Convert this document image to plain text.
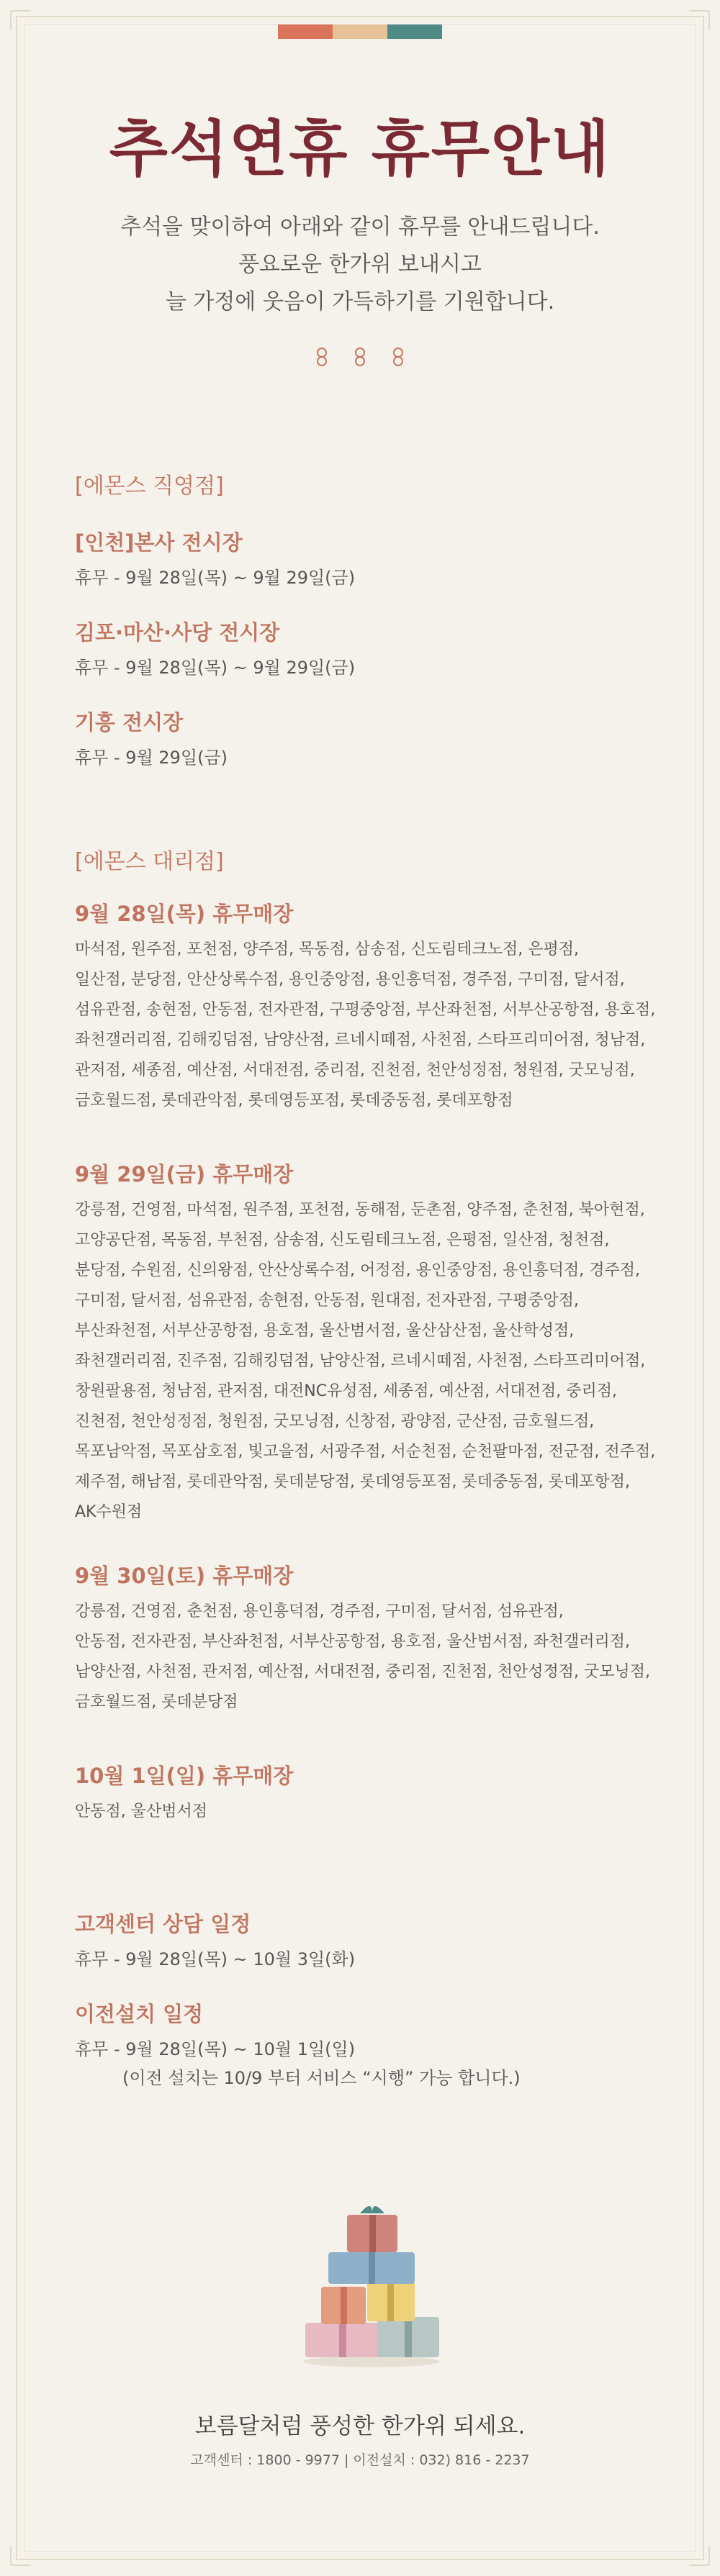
추석연휴 휴무안내
추석을 맞이하여 아래와 같이 휴무를 안내드립니다.
풍요로운 한가위 보내시고
늘 가정에 웃음이 가득하기를 기원합니다.

[에몬스 직영점]

[인천]본사 전시장

휴무 - 9월 28일(목) ~ 9월 29일(금)

김포·마산·사당 전시장

휴무 - 9월 28일(목) ~ 9월 29일(금)

기흥 전시장

휴무 - 9월 29일(금)

[에몬스 대리점]

9월 28일(목) 휴무매장

마석점, 원주점, 포천점, 양주점, 목동점, 삼송점, 신도림테크노점, 은평점,

일산점, 분당점, 안산상록수점, 용인중앙점, 용인흥덕점, 경주점, 구미점, 달서점,

섬유관점, 송현점, 안동점, 전자관점, 구평중앙점, 부산좌천점, 서부산공항점, 용호점,

좌천갤러리점, 김해킹덤점, 남양산점, 르네시떼점, 사천점, 스타프리미어점, 청남점,

관저점, 세종점, 예산점, 서대전점, 중리점, 진천점, 천안성정점, 청원점, 굿모닝점,

금호월드점, 롯데관악점, 롯데영등포점, 롯데중동점, 롯데포항점

9월 29일(금) 휴무매장

강릉점, 건영점, 마석점, 원주점, 포천점, 동해점, 둔촌점, 양주점, 춘천점, 북아현점,

고양공단점, 목동점, 부천점, 삼송점, 신도림테크노점, 은평점, 일산점, 청천점,

분당점, 수원점, 신의왕점, 안산상록수점, 어정점, 용인중앙점, 용인흥덕점, 경주점,

구미점, 달서점, 섬유관점, 송현점, 안동점, 원대점, 전자관점, 구평중앙점,

부산좌천점, 서부산공항점, 용호점, 울산범서점, 울산삼산점, 울산학성점,

좌천갤러리점, 진주점, 김해킹덤점, 남양산점, 르네시떼점, 사천점, 스타프리미어점,

창원팔용점, 청남점, 관저점, 대전NC유성점, 세종점, 예산점, 서대전점, 중리점,

진천점, 천안성정점, 청원점, 굿모닝점, 신창점, 광양점, 군산점, 금호월드점,

목포남악점, 목포삼호점, 빛고을점, 서광주점, 서순천점, 순천팔마점, 전군점, 전주점,

제주점, 해남점, 롯데관악점, 롯데분당점, 롯데영등포점, 롯데중동점, 롯데포항점,

AK수원점

9월 30일(토) 휴무매장

강릉점, 건영점, 춘천점, 용인흥덕점, 경주점, 구미점, 달서점, 섬유관점,

안동점, 전자관점, 부산좌천점, 서부산공항점, 용호점, 울산범서점, 좌천갤러리점,

남양산점, 사천점, 관저점, 예산점, 서대전점, 중리점, 진천점, 천안성정점, 굿모닝점,

금호월드점, 롯데분당점

10월 1일(일) 휴무매장

안동점, 울산범서점

고객센터 상담 일정

휴무 - 9월 28일(목) ~ 10월 3일(화)

이전설치 일정

휴무 - 9월 28일(목) ~ 10월 1일(일)

(이전 설치는 10/9 부터 서비스 “시행” 가능 합니다.)

보름달처럼 풍성한 한가위 되세요.
고객센터 : 1800 - 9977 | 이전설치 : 032) 816 - 2237
